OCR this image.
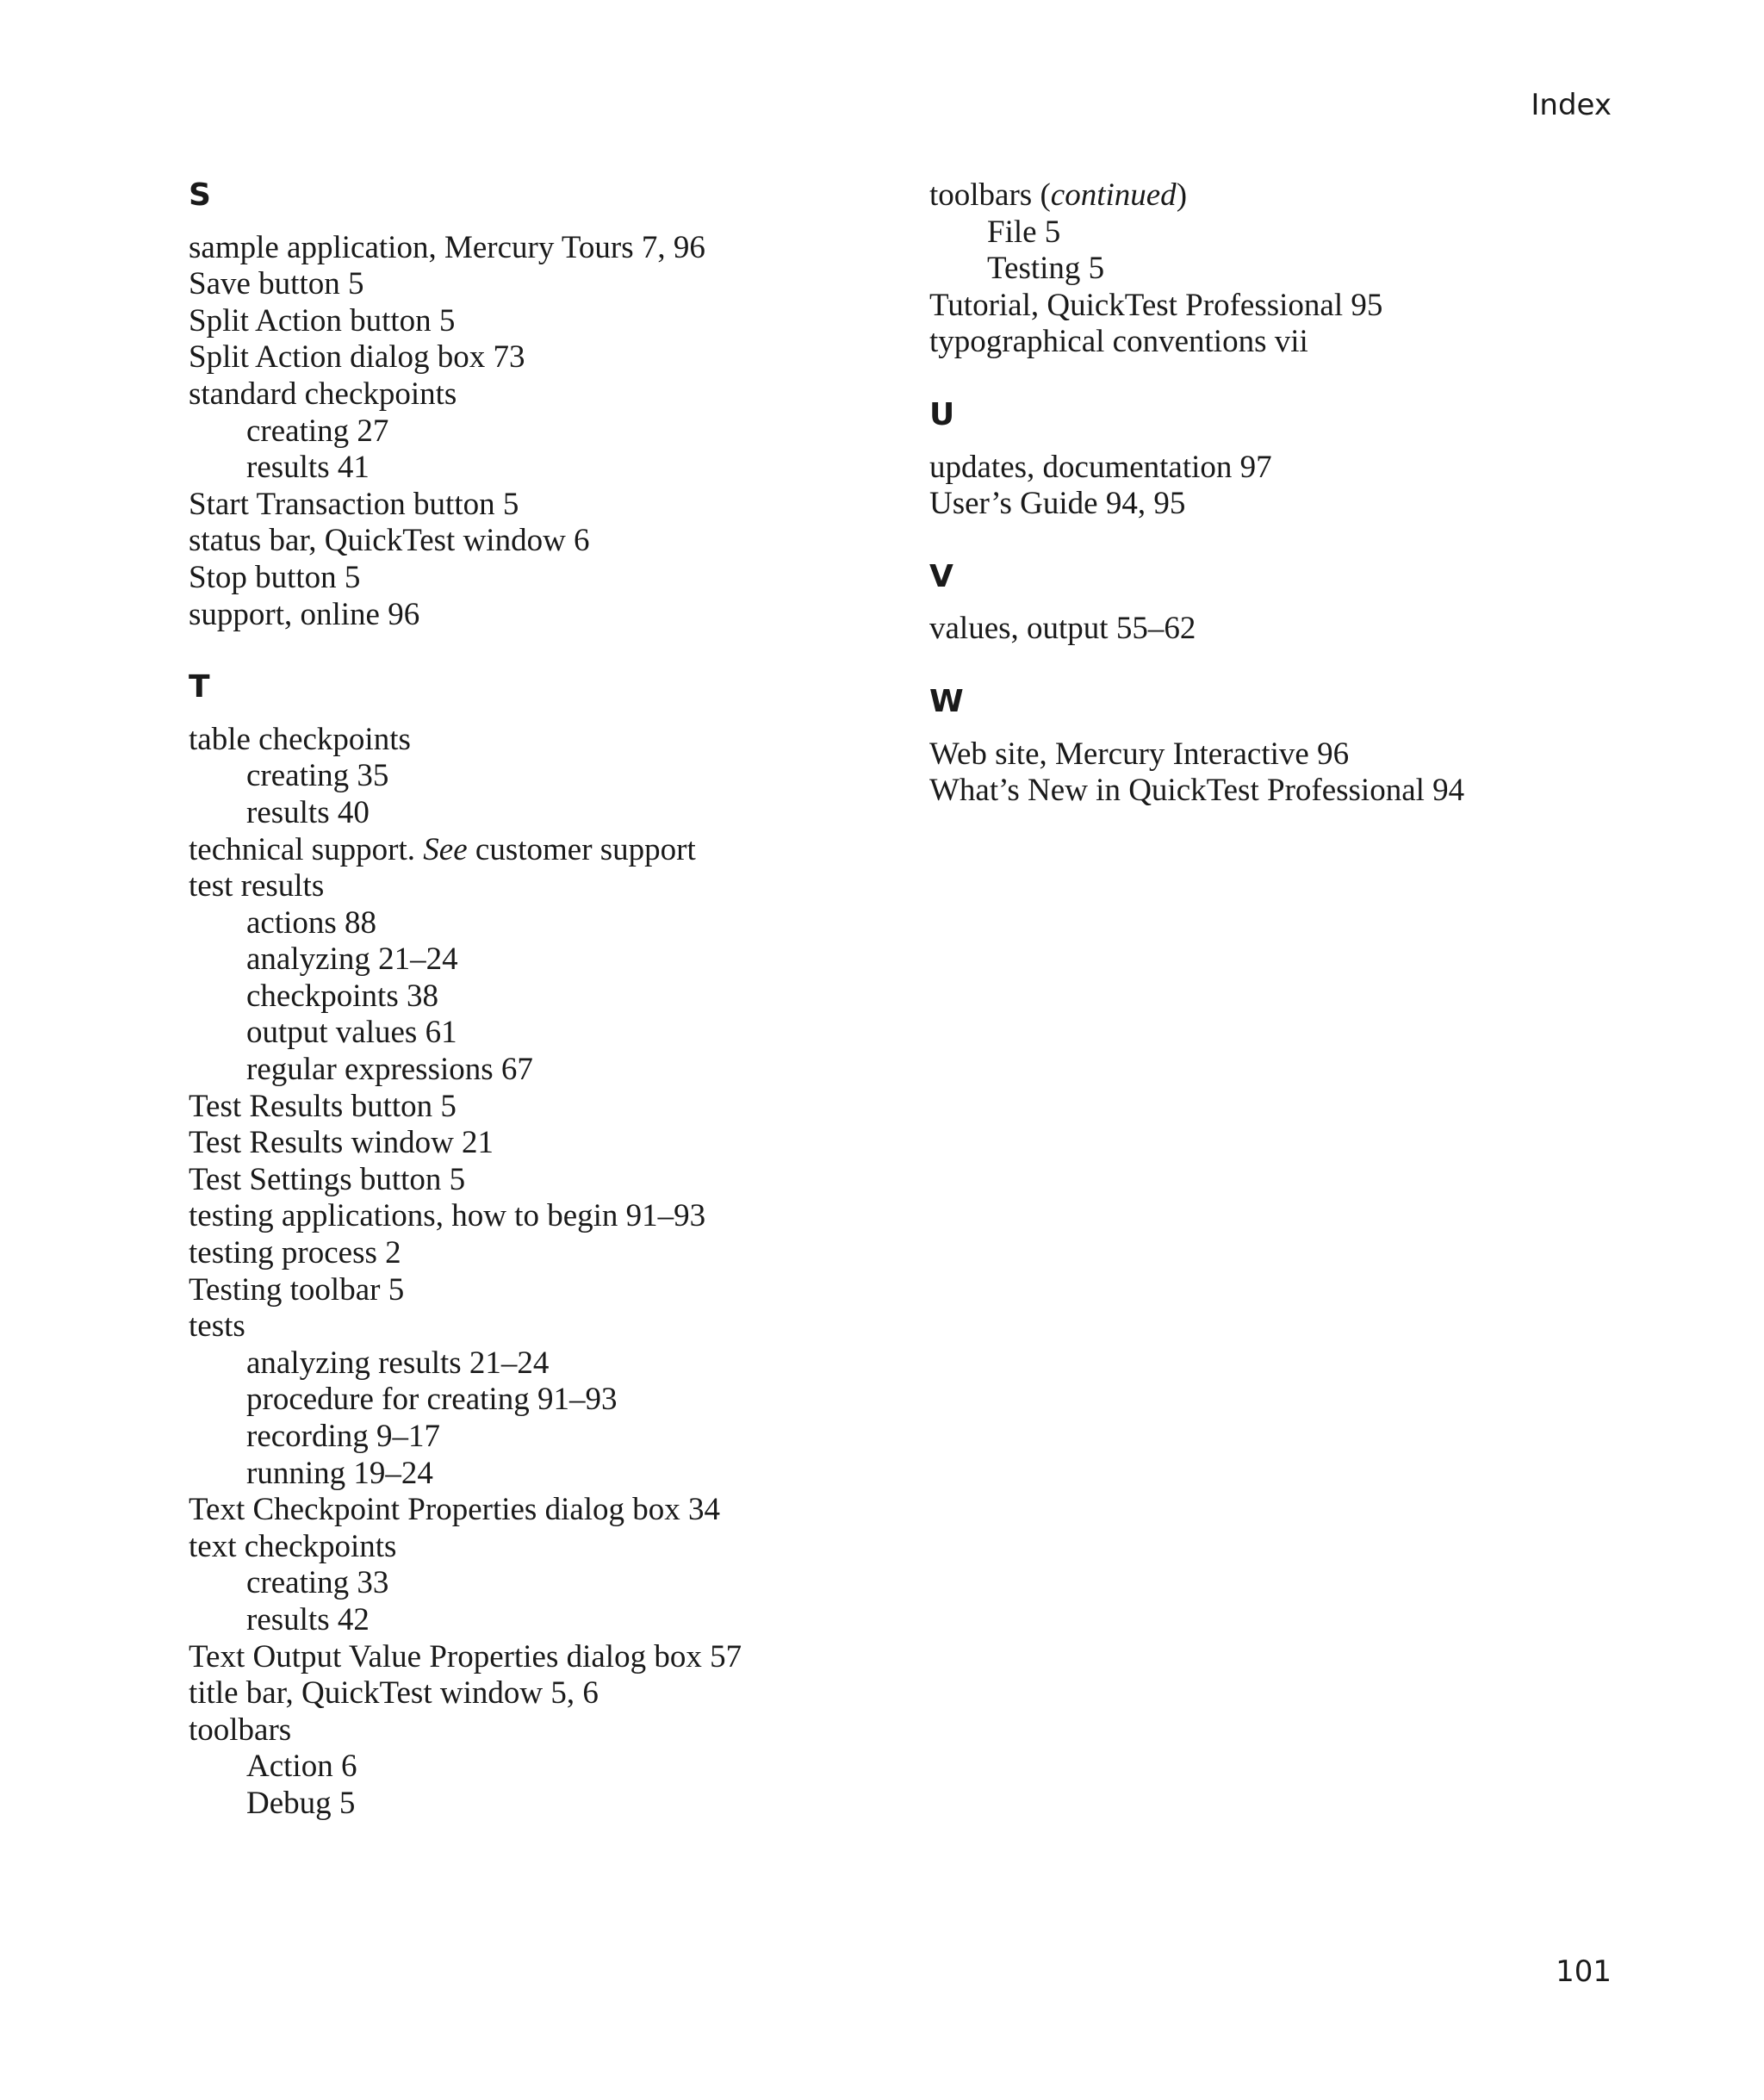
Index
S
sample application, Mercury Tours 7, 96
Save button 5
Split Action button 5
Split Action dialog box 73
standard checkpoints
creating 27
results 41
Start Transaction button 5
status bar, QuickTest window 6
Stop button 5
support, online 96
T
table checkpoints
creating 35
results 40
technical support. See customer support
test results
actions 88
analyzing 21–24
checkpoints 38
output values 61
regular expressions 67
Test Results button 5
Test Results window 21
Test Settings button 5
testing applications, how to begin 91–93
testing process 2
Testing toolbar 5
tests
analyzing results 21–24
procedure for creating 91–93
recording 9–17
running 19–24
Text Checkpoint Properties dialog box 34
text checkpoints
creating 33
results 42
Text Output Value Properties dialog box 57
title bar, QuickTest window 5, 6
toolbars
Action 6
Debug 5
toolbars (continued)
File 5
Testing 5
Tutorial, QuickTest Professional 95
typographical conventions vii
U
updates, documentation 97
User’s Guide 94, 95
V
values, output 55–62
W
Web site, Mercury Interactive 96
What’s New in QuickTest Professional 94
101
